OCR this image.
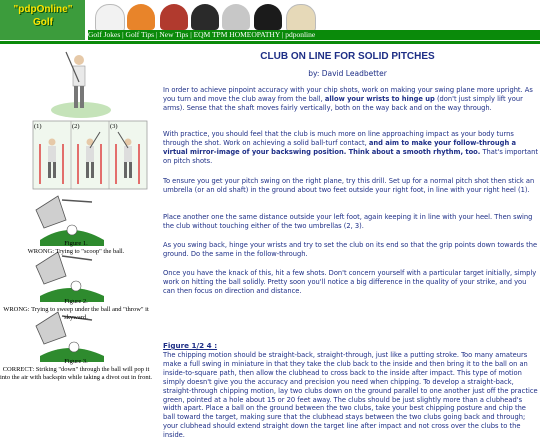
"pdpOnline"
Golf
Golf Jokes | Golf Tips | New Tips | EQM TPM HOMEOPATHY | pdponline
(1)	(2)	(3)
Figure 1.
WRONG: Trying to "scoop" the ball.
Figure 2.
WRONG: Trying to sweep under the ball and "throw" it skyward.
Figure 3.
CORRECT: Striking "down" through the ball will pop it into the air with backspin while taking a divot out in front.
CLUB ON LINE FOR SOLID PITCHES
by: David Leadbetter

In order to achieve pinpoint accuracy with your chip shots, work on making your swing plane more upright. As you turn and move the club away from the ball, allow your wrists to hinge up (don't just simply lift your arms). Sense that the shaft moves fairly vertically, both on the way back and on the way through.

With practice, you should feel that the club is much more on line approaching impact as your body turns through the shot. Work on achieving a solid ball-turf contact, and aim to make your follow-through a virtual mirror-image of your backswing position. Think about a smooth rhythm, too. That's important on pitch shots.

To ensure you get your pitch swing on the right plane, try this drill. Set up for a normal pitch shot then stick an umbrella (or an old shaft) in the ground about two feet outside your right foot, in line with your right heel (1).

Place another one the same distance outside your left foot, again keeping it in line with your heel. Then swing the club without touching either of the two umbrellas (2, 3).

As you swing back, hinge your wrists and try to set the club on its end so that the grip points down towards the ground. Do the same in the follow-through.

Once you have the knack of this, hit a few shots. Don't concern yourself with a particular target initially, simply work on hitting the ball solidly. Pretty soon you'll notice a big difference in the quality of your strike, and you can then focus on direction and distance.

Figure 1/2 4 :

The chipping motion should be straight-back, straight-through, just like a putting stroke. Too many amateurs make a full swing in miniature in that they take the club back to the inside and then bring it to the ball on an inside-to-square path, then allow the clubhead to cross back to the inside after impact. This type of motion simply doesn't give you the accuracy and precision you need when chipping. To develop a straight-back, straight-through chipping motion, lay two clubs down on the ground parallel to one another just off the practice green, pointed at a hole about 15 or 20 feet away. The clubs should be just slightly more than a clubhead's width apart. Place a ball on the ground between the two clubs, take your best chipping posture and chip the ball toward the target, making sure that the clubhead stays between the two clubs going back and through; your clubhead should extend straight down the target line after impact and not cross over the clubs to the inside.
